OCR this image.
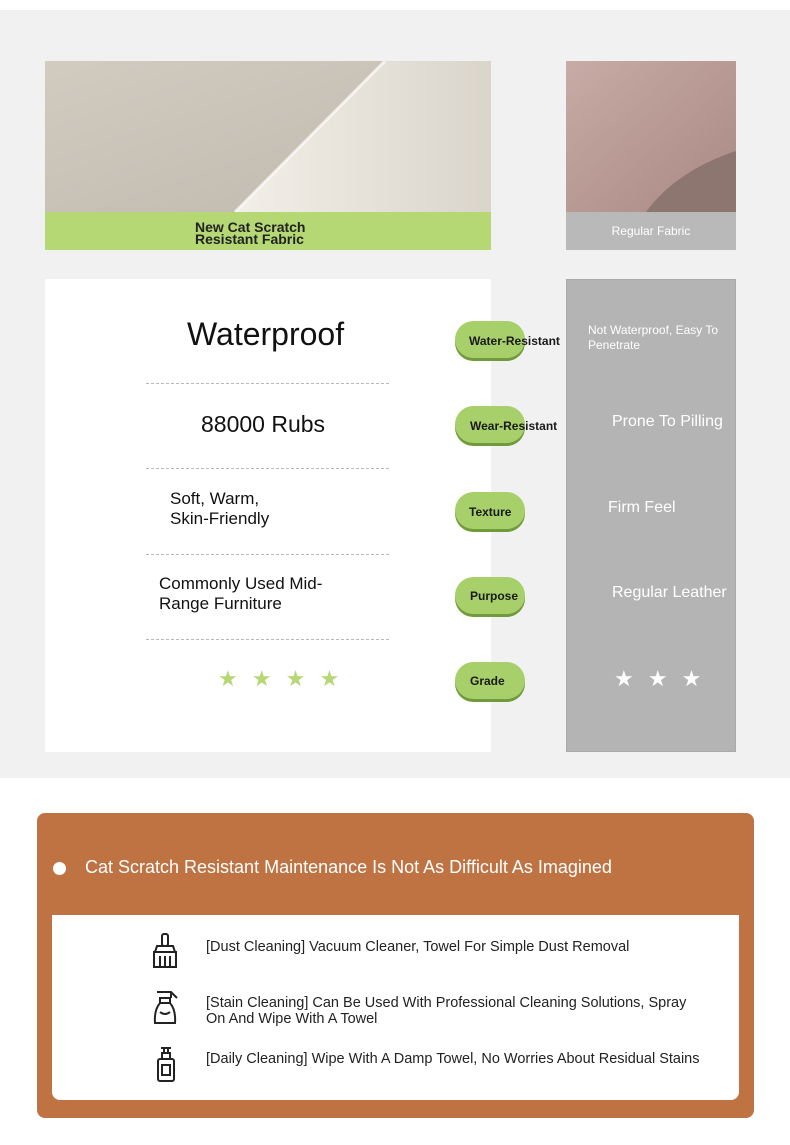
New Cat Scratch Resistant Fabric	Regular Fabric
Waterproof
88000 Rubs
Soft, Warm, Skin-Friendly
Commonly Used Mid-Range Furniture
★ ★ ★ ★
Water-Resistant
Wear-Resistant
Texture
Purpose
Grade
Not Waterproof, Easy To Penetrate
Prone To Pilling
Firm Feel
Regular Leather
★ ★ ★
Cat Scratch Resistant Maintenance Is Not As Difficult As Imagined
[Dust Cleaning] Vacuum Cleaner, Towel For Simple Dust Removal
[Stain Cleaning] Can Be Used With Professional Cleaning Solutions, Spray On And Wipe With A Towel
[Daily Cleaning] Wipe With A Damp Towel, No Worries About Residual Stains
